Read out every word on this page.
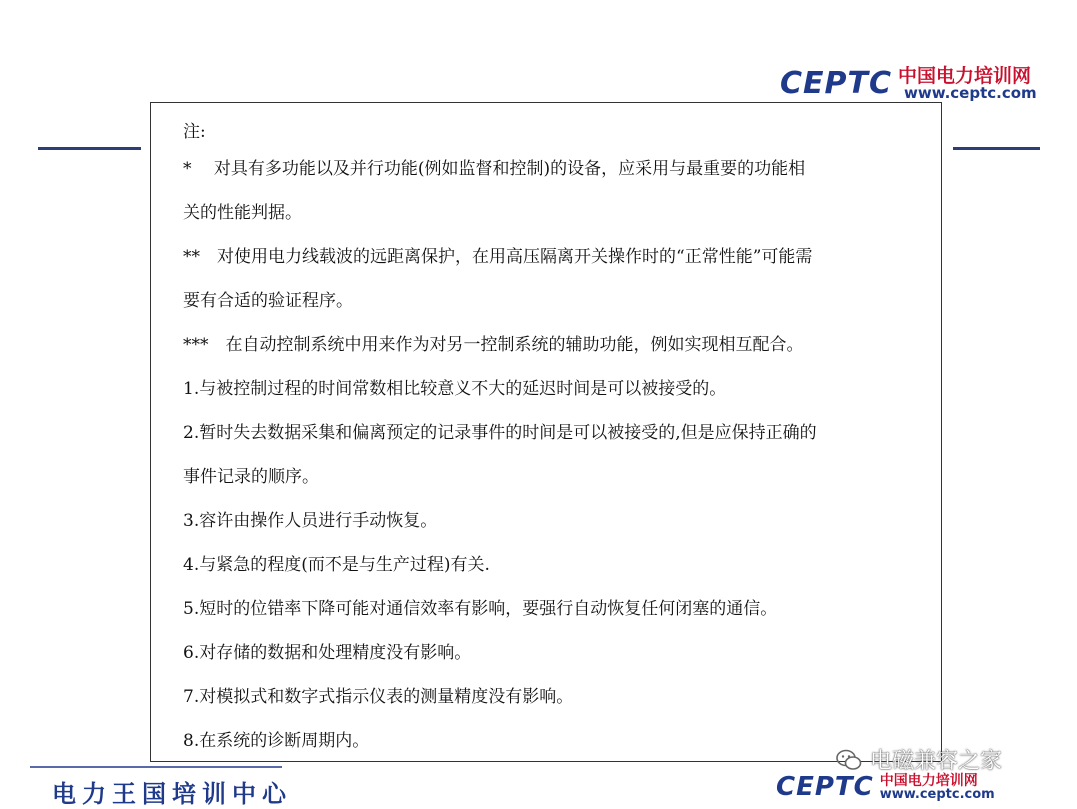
CEPTC 中国电力培训网
www.ceptc.com
注:
*　 对具有多功能以及并行功能(例如监督和控制)的设备，应采用与最重要的功能相
关的性能判据。
**　对使用电力线载波的远距离保护，在用高压隔离开关操作时的“正常性能”可能需
要有合适的验证程序。
***　在自动控制系统中用来作为对另一控制系统的辅助功能，例如实现相互配合。
1.与被控制过程的时间常数相比较意义不大的延迟时间是可以被接受的。
2.暂时失去数据采集和偏离预定的记录事件的时间是可以被接受的,但是应保持正确的
事件记录的顺序。
3.容许由操作人员进行手动恢复。
4.与紧急的程度(而不是与生产过程)有关.
5.短时的位错率下降可能对通信效率有影响，要强行自动恢复任何闭塞的通信。
6.对存储的数据和处理精度没有影响。
7.对模拟式和数字式指示仪表的测量精度没有影响。
8.在系统的诊断周期内。
电力王国培训中心
电磁兼容之家
CEPTC 中国电力培训网
www.ceptc.com
